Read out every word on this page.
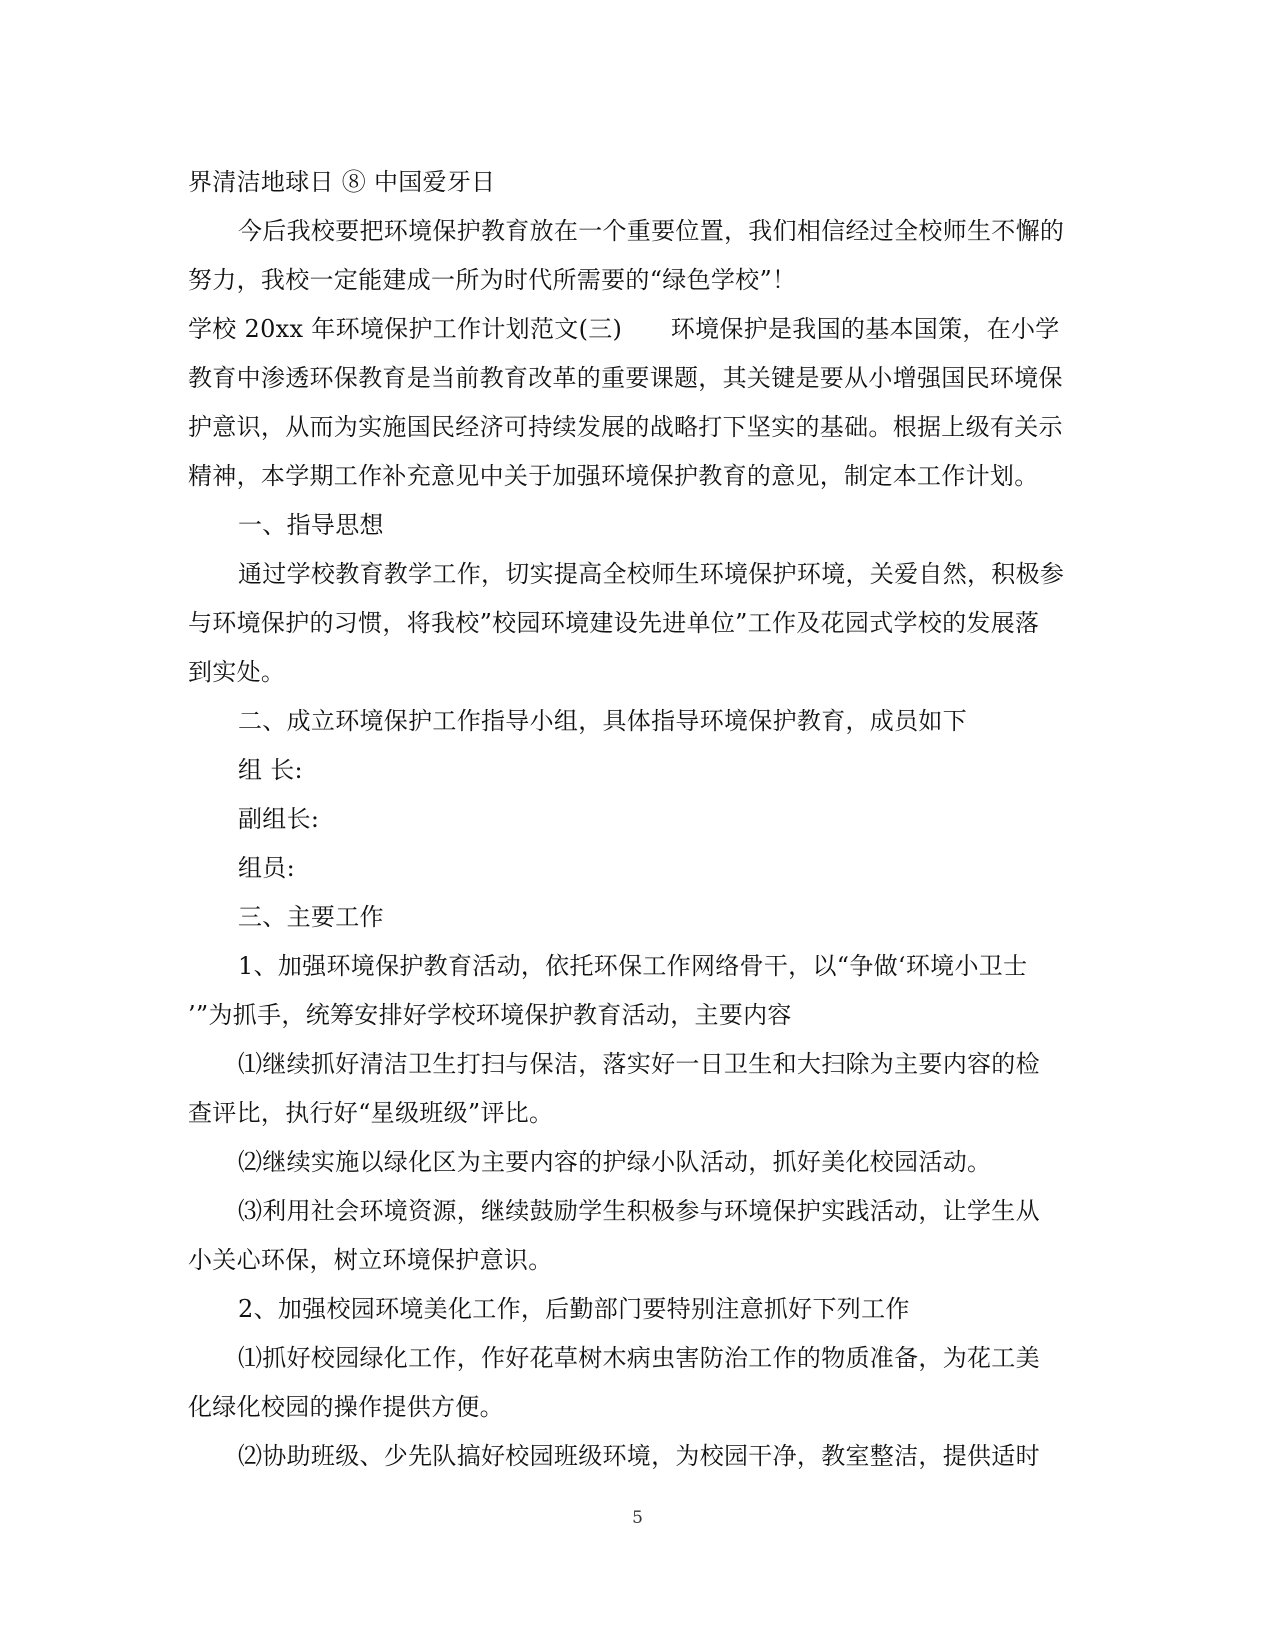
界清洁地球日 ⑧ 中国爱牙日
今后我校要把环境保护教育放在一个重要位置，我们相信经过全校师生不懈的
努力，我校一定能建成一所为时代所需要的“绿色学校”！
学校 20xx 年环境保护工作计划范文(三)　　环境保护是我国的基本国策，在小学
教育中渗透环保教育是当前教育改革的重要课题，其关键是要从小增强国民环境保
护意识，从而为实施国民经济可持续发展的战略打下坚实的基础。根据上级有关示
精神，本学期工作补充意见中关于加强环境保护教育的意见，制定本工作计划。
一、指导思想
通过学校教育教学工作，切实提高全校师生环境保护环境，关爱自然，积极参
与环境保护的习惯，将我校”校园环境建设先进单位”工作及花园式学校的发展落
到实处。
二、成立环境保护工作指导小组，具体指导环境保护教育，成员如下
组 长:
副组长:
组员:
三、主要工作
1、加强环境保护教育活动，依托环保工作网络骨干，以“争做‘环境小卫士
’”为抓手，统筹安排好学校环境保护教育活动，主要内容
⑴继续抓好清洁卫生打扫与保洁，落实好一日卫生和大扫除为主要内容的检
查评比，执行好“星级班级”评比。
⑵继续实施以绿化区为主要内容的护绿小队活动，抓好美化校园活动。
⑶利用社会环境资源，继续鼓励学生积极参与环境保护实践活动，让学生从
小关心环保，树立环境保护意识。
2、加强校园环境美化工作，后勤部门要特别注意抓好下列工作
⑴抓好校园绿化工作，作好花草树木病虫害防治工作的物质准备，为花工美
化绿化校园的操作提供方便。
⑵协助班级、少先队搞好校园班级环境，为校园干净，教室整洁，提供适时
5
